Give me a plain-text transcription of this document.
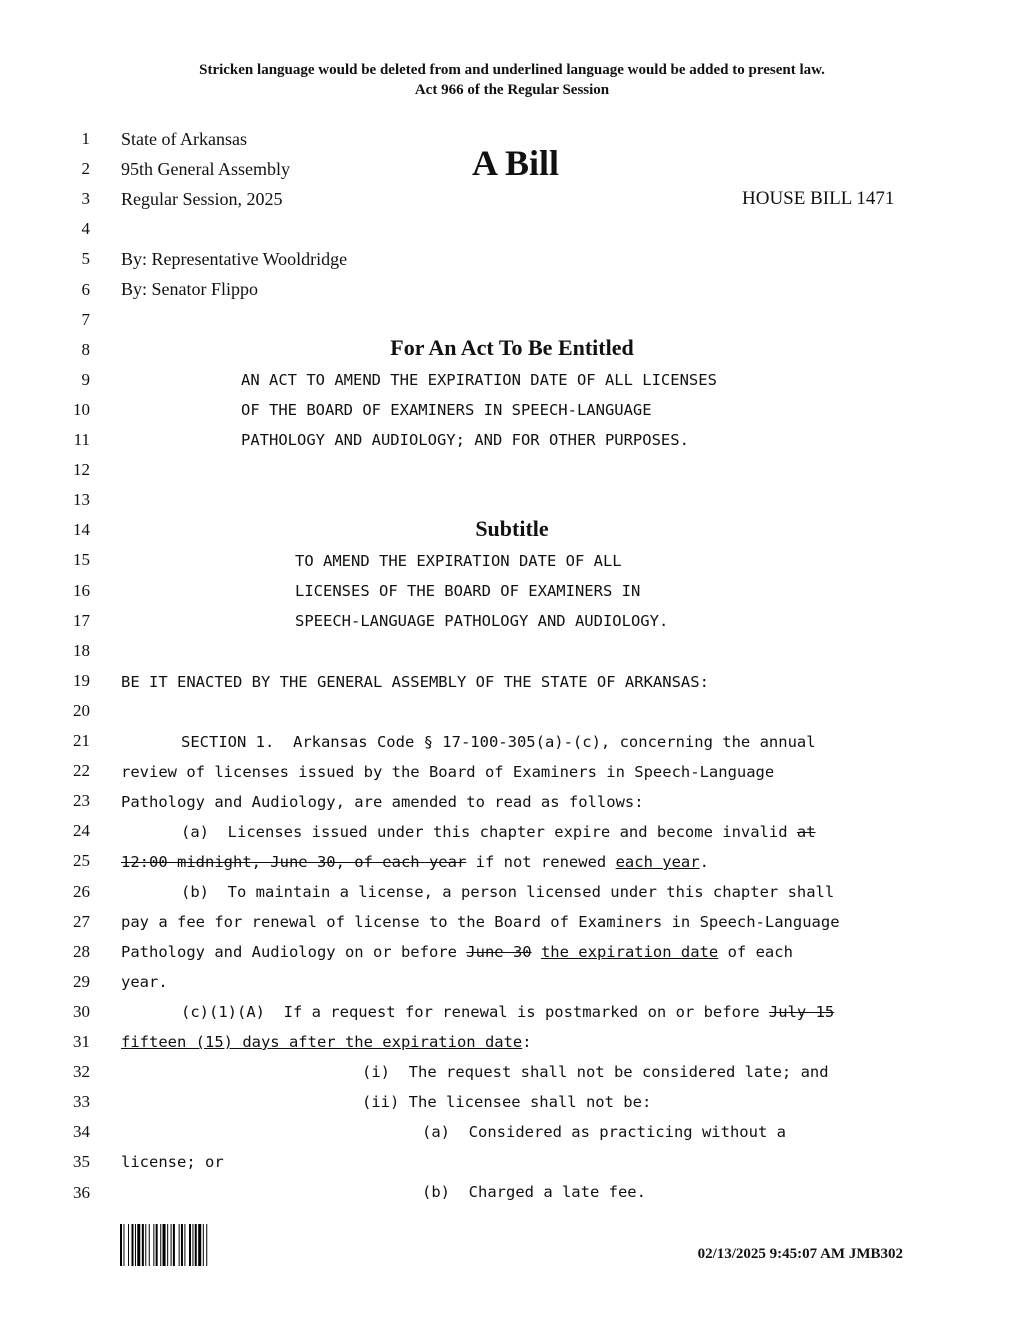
Stricken language would be deleted from and underlined language would be added to present law.
Act 966 of the Regular Session
1
2
3
4
5
6
7
8
9
10
11
12
13
14
15
16
17
18
19
20
21
22
23
24
25
26
27
28
29
30
31
32
33
34
35
36
State of Arkansas
95th General Assembly
Regular Session, 2025
A Bill
HOUSE BILL 1471
By: Representative Wooldridge
By: Senator Flippo
For An Act To Be Entitled
AN ACT TO AMEND THE EXPIRATION DATE OF ALL LICENSES
OF THE BOARD OF EXAMINERS IN SPEECH-LANGUAGE
PATHOLOGY AND AUDIOLOGY; AND FOR OTHER PURPOSES.
Subtitle
TO AMEND THE EXPIRATION DATE OF ALL
LICENSES OF THE BOARD OF EXAMINERS IN
SPEECH-LANGUAGE PATHOLOGY AND AUDIOLOGY.
BE IT ENACTED BY THE GENERAL ASSEMBLY OF THE STATE OF ARKANSAS:
SECTION 1.  Arkansas Code § 17-100-305(a)-(c), concerning the annual
review of licenses issued by the Board of Examiners in Speech-Language
Pathology and Audiology, are amended to read as follows:
(a)  Licenses issued under this chapter expire and become invalid at
12:00 midnight, June 30, of each year if not renewed each year.
(b)  To maintain a license, a person licensed under this chapter shall
pay a fee for renewal of license to the Board of Examiners in Speech-Language
Pathology and Audiology on or before June 30 the expiration date of each
year.
(c)(1)(A)  If a request for renewal is postmarked on or before July 15
fifteen (15) days after the expiration date:
(i)  The request shall not be considered late; and
(ii) The licensee shall not be:
(a)  Considered as practicing without a
license; or
(b)  Charged a late fee.
02/13/2025 9:45:07 AM JMB302
